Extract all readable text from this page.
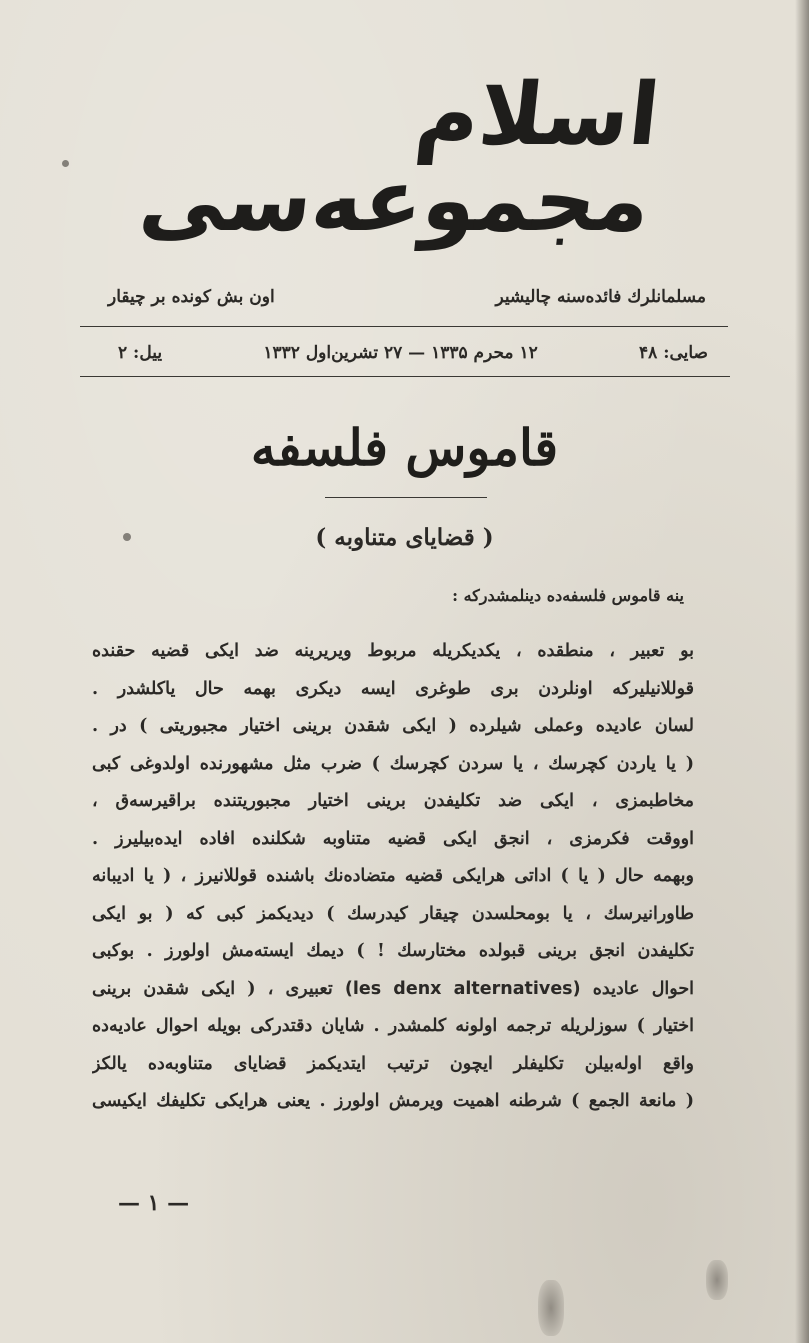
اسلام مجموعه‌سی
مسلمانلرك فائده‌سنه چالیشیر
اون بش کونده بر چیقار
صایی: ۴۸
۱۲ محرم ۱۳۳۵ — ۲۷ تشرین‌اول ۱۳۳۲
ییل: ۲
قاموس فلسفه
( قضایای متناوبه )
ینه قاموس فلسفه‌ده دینلمشدرکه :
بو تعبیر ، منطقده ، یکدیکریله مربوط ویریرینه ضد ایکی قضیه حقنده
قوللانیلیرکه اونلردن بری طوغری ایسه دیکری بهمه حال یاکلشدر .
لسان عادیده وعملی شیلرده ( ایکی شقدن برینی اختیار مجبوریتی ) در .
( یا یاردن کچرسك ، یا سردن کچرسك ) ضرب مثل مشهورنده اولدوغی کبی
مخاطبمزی ، ایکی ضد تکلیفدن برینی اختیار مجبوریتنده براقیرسه‌ق ،
اووقت فکرمزی ، انجق ایکی قضیه متناوبه شکلنده افاده ایده‌بیلیرز .
وبهمه حال ( یا ) اداتی هرایکی قضیه متضاده‌نك باشنده قوللانیرز ، ( یا ادیبانه
طاورانیرسك ، یا بومحلسدن چیقار کیدرسك ) دیدیکمز کبی که ( بو ایکی
تکلیفدن انجق برینی قبولده مختارسك ! ) دیمك ایسته‌مش اولورز . بوکبی
احوال عادیده (les denx alternatives) تعبیری ، ( ایکی شقدن برینی
اختیار ) سوزلریله ترجمه اولونه کلمشدر . شایان دقتدرکی بویله احوال عادیه‌ده
واقع اوله‌بیلن تکلیفلر ایچون ترتیب ایتدیکمز قضایای متناوبه‌ده یالکز
( مانعة الجمع ) شرطنه اهمیت ویرمش اولورز . یعنی هرایکی تکلیفك ایکیسی
— ۱ —
